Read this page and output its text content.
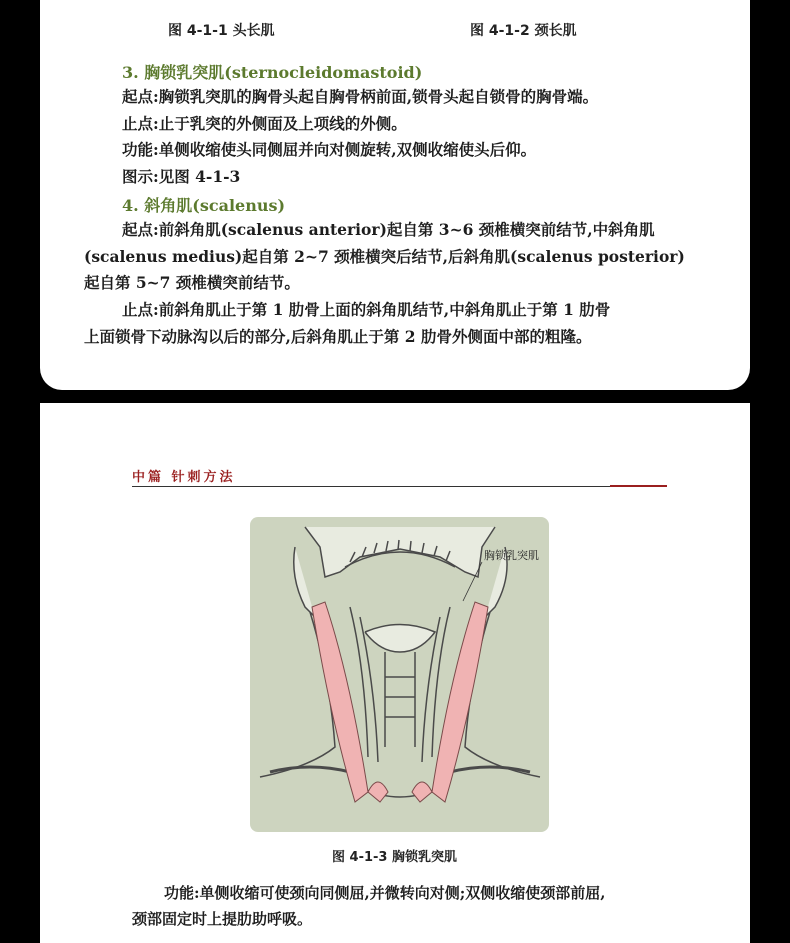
图 4-1-1 头长肌	图 4-1-2 颈长肌
3. 胸锁乳突肌(sternocleidomastoid)
起点:胸锁乳突肌的胸骨头起自胸骨柄前面,锁骨头起自锁骨的胸骨端。
止点:止于乳突的外侧面及上项线的外侧。
功能:单侧收缩使头同侧屈并向对侧旋转,双侧收缩使头后仰。
图示:见图 4-1-3
4. 斜角肌(scalenus)
起点:前斜角肌(scalenus anterior)起自第 3~6 颈椎横突前结节,中斜角肌
(scalenus medius)起自第 2~7 颈椎横突后结节,后斜角肌(scalenus posterior)
起自第 5~7 颈椎横突前结节。
止点:前斜角肌止于第 1 肋骨上面的斜角肌结节,中斜角肌止于第 1 肋骨
上面锁骨下动脉沟以后的部分,后斜角肌止于第 2 肋骨外侧面中部的粗隆。
中篇 针刺方法
胸锁乳突肌
图 4-1-3 胸锁乳突肌
功能:单侧收缩可使颈向同侧屈,并微转向对侧;双侧收缩使颈部前屈,
颈部固定时上提肋助呼吸。
